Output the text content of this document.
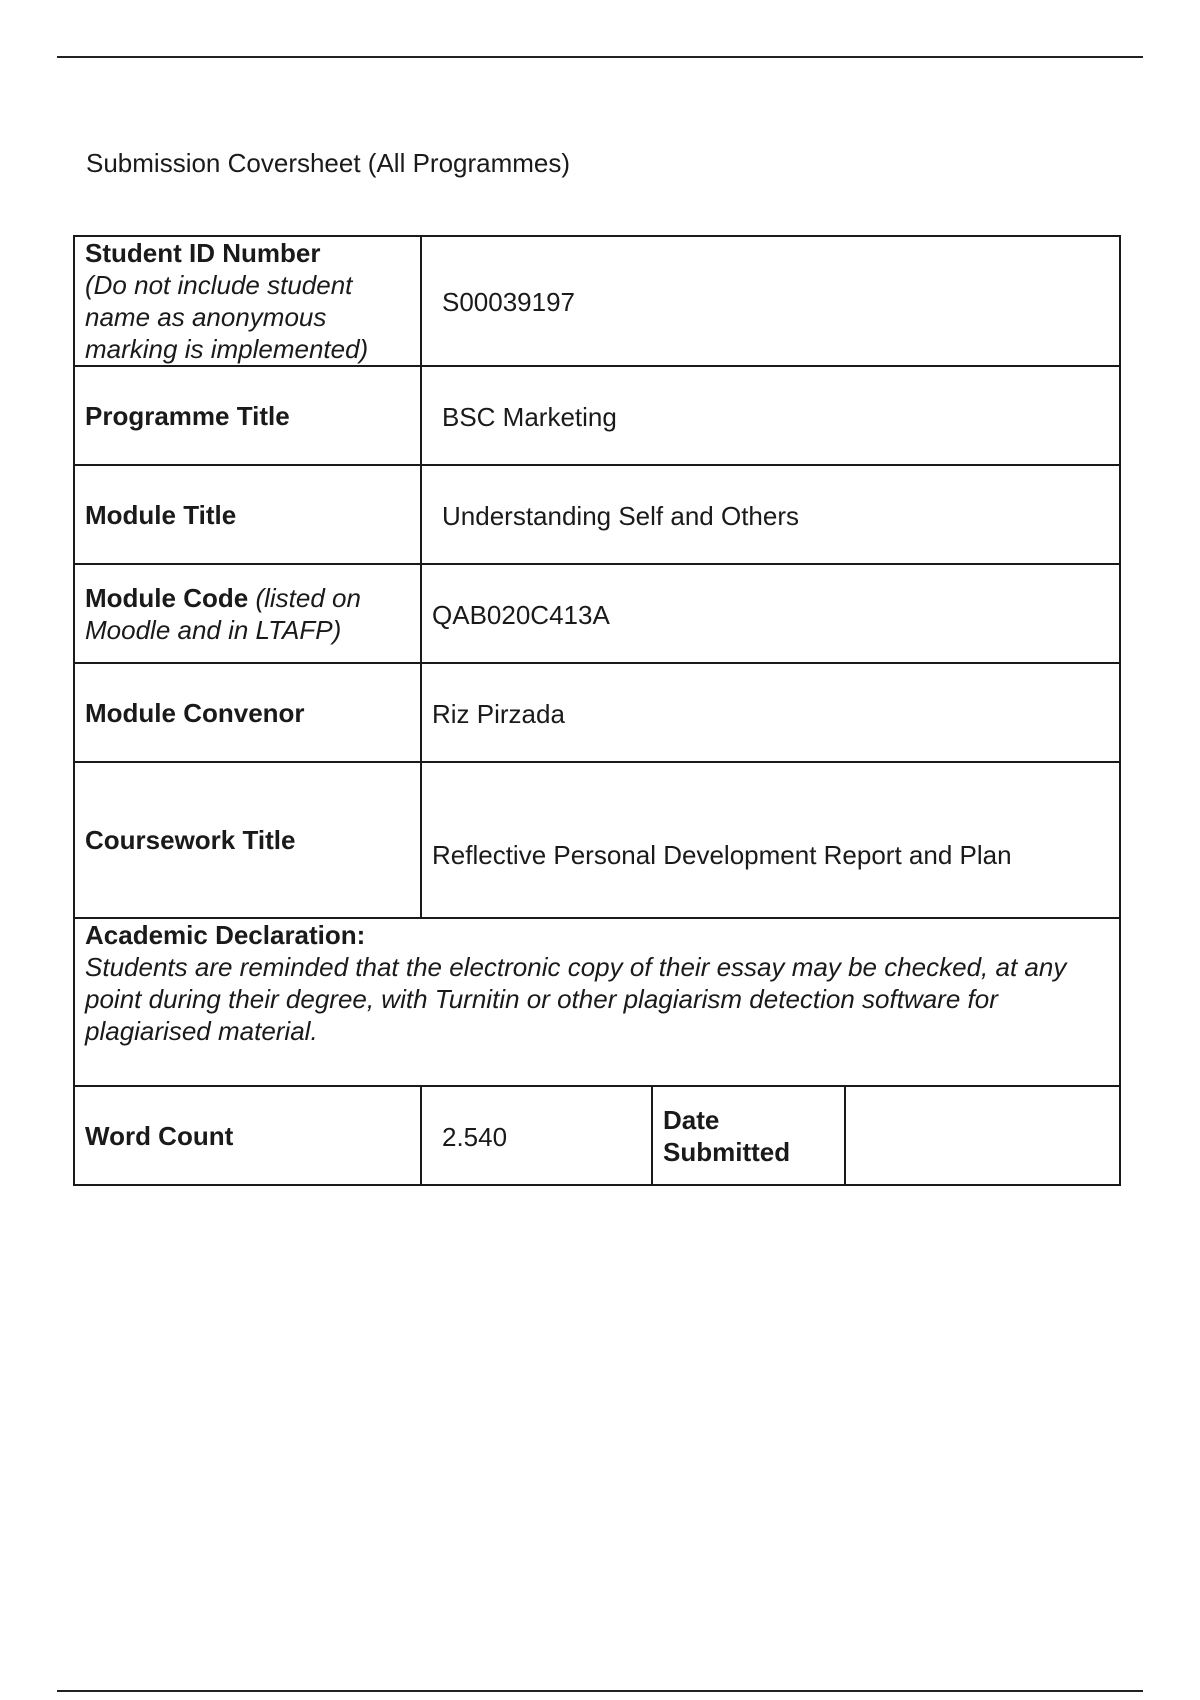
Submission Coversheet (All Programmes)
Student ID Number
(Do not include student name as anonymous marking is implemented)	S00039197		

Programme Title	BSC Marketing		

Module Title	Understanding Self and Others		

Module Code (listed on Moodle and in LTAFP)	QAB020C413A		

Module Convenor	Riz Pirzada		

Coursework Title	Reflective Personal Development Report and Plan		

Academic Declaration:
Students are reminded that the electronic copy of their essay may be checked, at any point during their degree, with Turnitin or other plagiarism detection software for plagiarised material.			

Word Count	2.540	Date Submitted	
